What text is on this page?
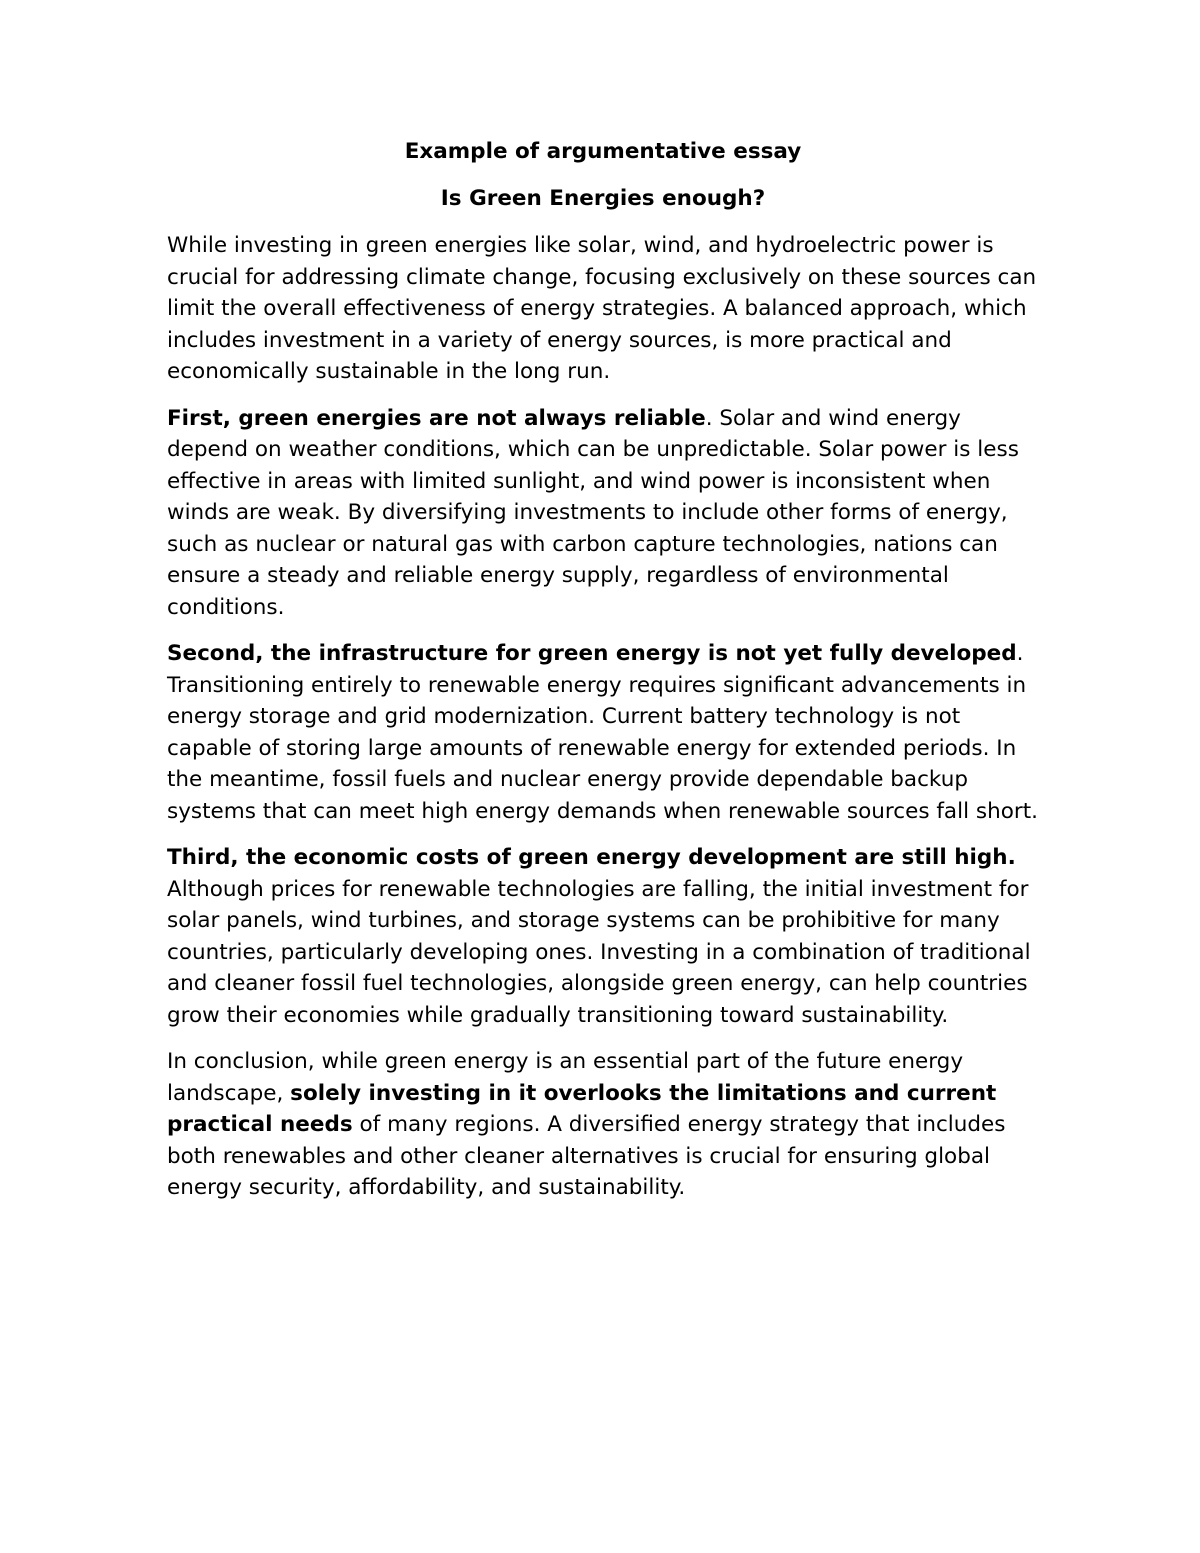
Example of argumentative essay
Is Green Energies enough?

While investing in green energies like solar, wind, and hydroelectric power is crucial for addressing climate change, focusing exclusively on these sources can limit the overall effectiveness of energy strategies. A balanced approach, which includes investment in a variety of energy sources, is more practical and economically sustainable in the long run.

First, green energies are not always reliable. Solar and wind energy depend on weather conditions, which can be unpredictable. Solar power is less effective in areas with limited sunlight, and wind power is inconsistent when winds are weak. By diversifying investments to include other forms of energy, such as nuclear or natural gas with carbon capture technologies, nations can ensure a steady and reliable energy supply, regardless of environmental conditions.

Second, the infrastructure for green energy is not yet fully developed. Transitioning entirely to renewable energy requires significant advancements in energy storage and grid modernization. Current battery technology is not capable of storing large amounts of renewable energy for extended periods. In the meantime, fossil fuels and nuclear energy provide dependable backup systems that can meet high energy demands when renewable sources fall short.

Third, the economic costs of green energy development are still high. Although prices for renewable technologies are falling, the initial investment for solar panels, wind turbines, and storage systems can be prohibitive for many countries, particularly developing ones. Investing in a combination of traditional and cleaner fossil fuel technologies, alongside green energy, can help countries grow their economies while gradually transitioning toward sustainability.

In conclusion, while green energy is an essential part of the future energy landscape, solely investing in it overlooks the limitations and current practical needs of many regions. A diversified energy strategy that includes both renewables and other cleaner alternatives is crucial for ensuring global energy security, affordability, and sustainability.
